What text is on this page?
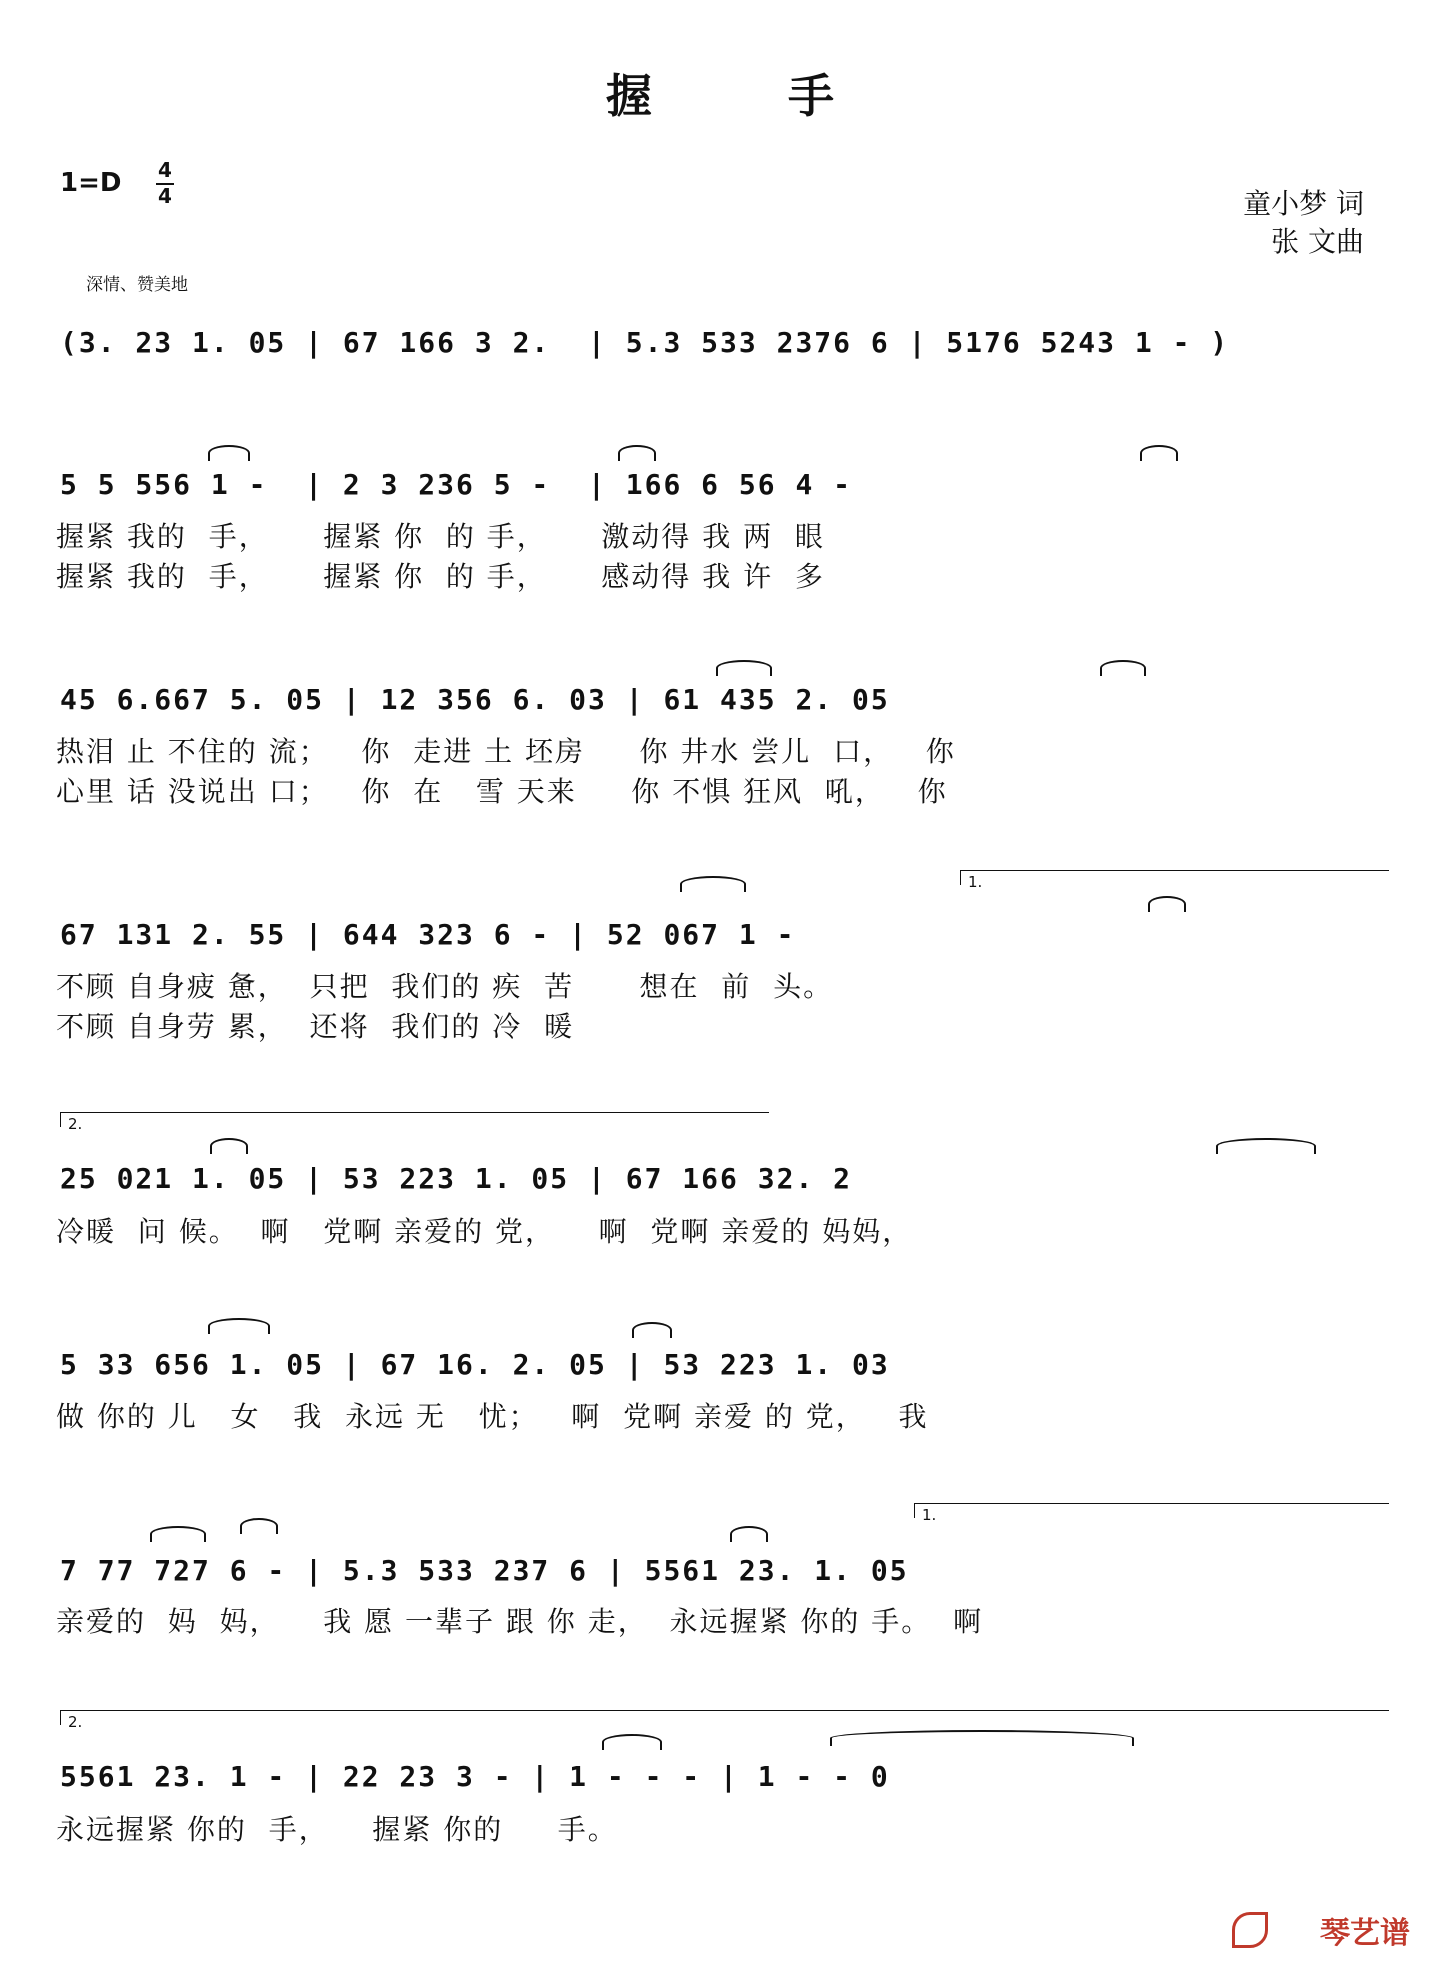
握 手
1=D 4
4	童小梦 词
张 文曲
深情、赞美地
(3. 23 1. 05 | 67 166 3 2.  | 5.3 533 2376 6 | 5176 5243 1 - )
5 5 556 1 -  | 2 3 236 5 -  | 166 6 56 4 -
握紧 我的  手，     握紧 你  的 手，     激动得 我 两  眼
握紧 我的  手，     握紧 你  的 手，     感动得 我 许  多
45 6.667 5. 05 | 12 356 6. 03 | 61 435 2. 05
热泪 止 不住的 流；   你  走进 土 坯房     你 井水 尝儿  口，   你
心里 话 没说出 口；   你  在   雪 天来     你 不惧 狂风  吼，   你
1.
67 131 2. 55 | 644 323 6 - | 52 067 1 -
不顾 自身疲 惫，  只把  我们的 疾  苦      想在  前  头。
不顾 自身劳 累，  还将  我们的 冷  暖
2.
25 021 1. 05 | 53 223 1. 05 | 67 166 32. 2
冷暖  问 候。  啊   党啊 亲爱的 党，    啊  党啊 亲爱的 妈妈，
5 33 656 1. 05 | 67 16. 2. 05 | 53 223 1. 03
做 你的 儿   女   我  永远 无   忧；   啊  党啊 亲爱 的 党，   我
1.
7 77 727 6 - | 5.3 533 237 6 | 5561 23. 1. 05
亲爱的  妈  妈，    我 愿 一辈子 跟 你 走，  永远握紧 你的 手。  啊
2.
5561 23. 1 - | 22 23 3 - | 1 - - - | 1 - - 0
永远握紧 你的  手，    握紧 你的     手。
琴艺谱
